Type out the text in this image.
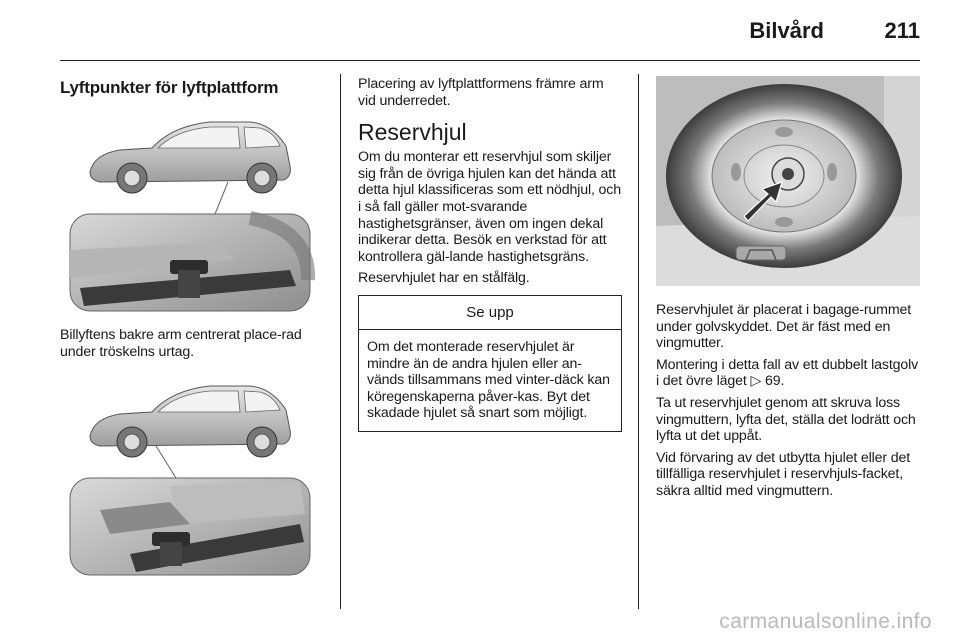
Bilvård	211
Lyftpunkter för lyftplattform

Billyftens bakre arm centrerat place-rad under tröskelns urtag.

Placering av lyftplattformens främre arm vid underredet.

Reservhjul

Om du monterar ett reservhjul som skiljer sig från de övriga hjulen kan det hända att detta hjul klassificeras som ett nödhjul, och i så fall gäller mot-svarande hastighetsgränser, även om ingen dekal indikerar detta. Besök en verkstad för att kontrollera gäl-lande hastighetsgräns.

Reservhjulet har en stålfälg.

Se upp

Om det monterade reservhjulet är mindre än de andra hjulen eller an-vänds tillsammans med vinter-däck kan köregenskaperna påver-kas. Byt det skadade hjulet så snart som möjligt.

Reservhjulet är placerat i bagage-rummet under golvskyddet. Det är fäst med en vingmutter.

Montering i detta fall av ett dubbelt lastgolv i det övre läget ▷ 69.

Ta ut reservhjulet genom att skruva loss vingmuttern, lyfta det, ställa det lodrätt och lyfta ut det uppåt.

Vid förvaring av det utbytta hjulet eller det tillfälliga reservhjulet i reservhjuls-facket, säkra alltid med vingmuttern.

carmanualsonline.info
